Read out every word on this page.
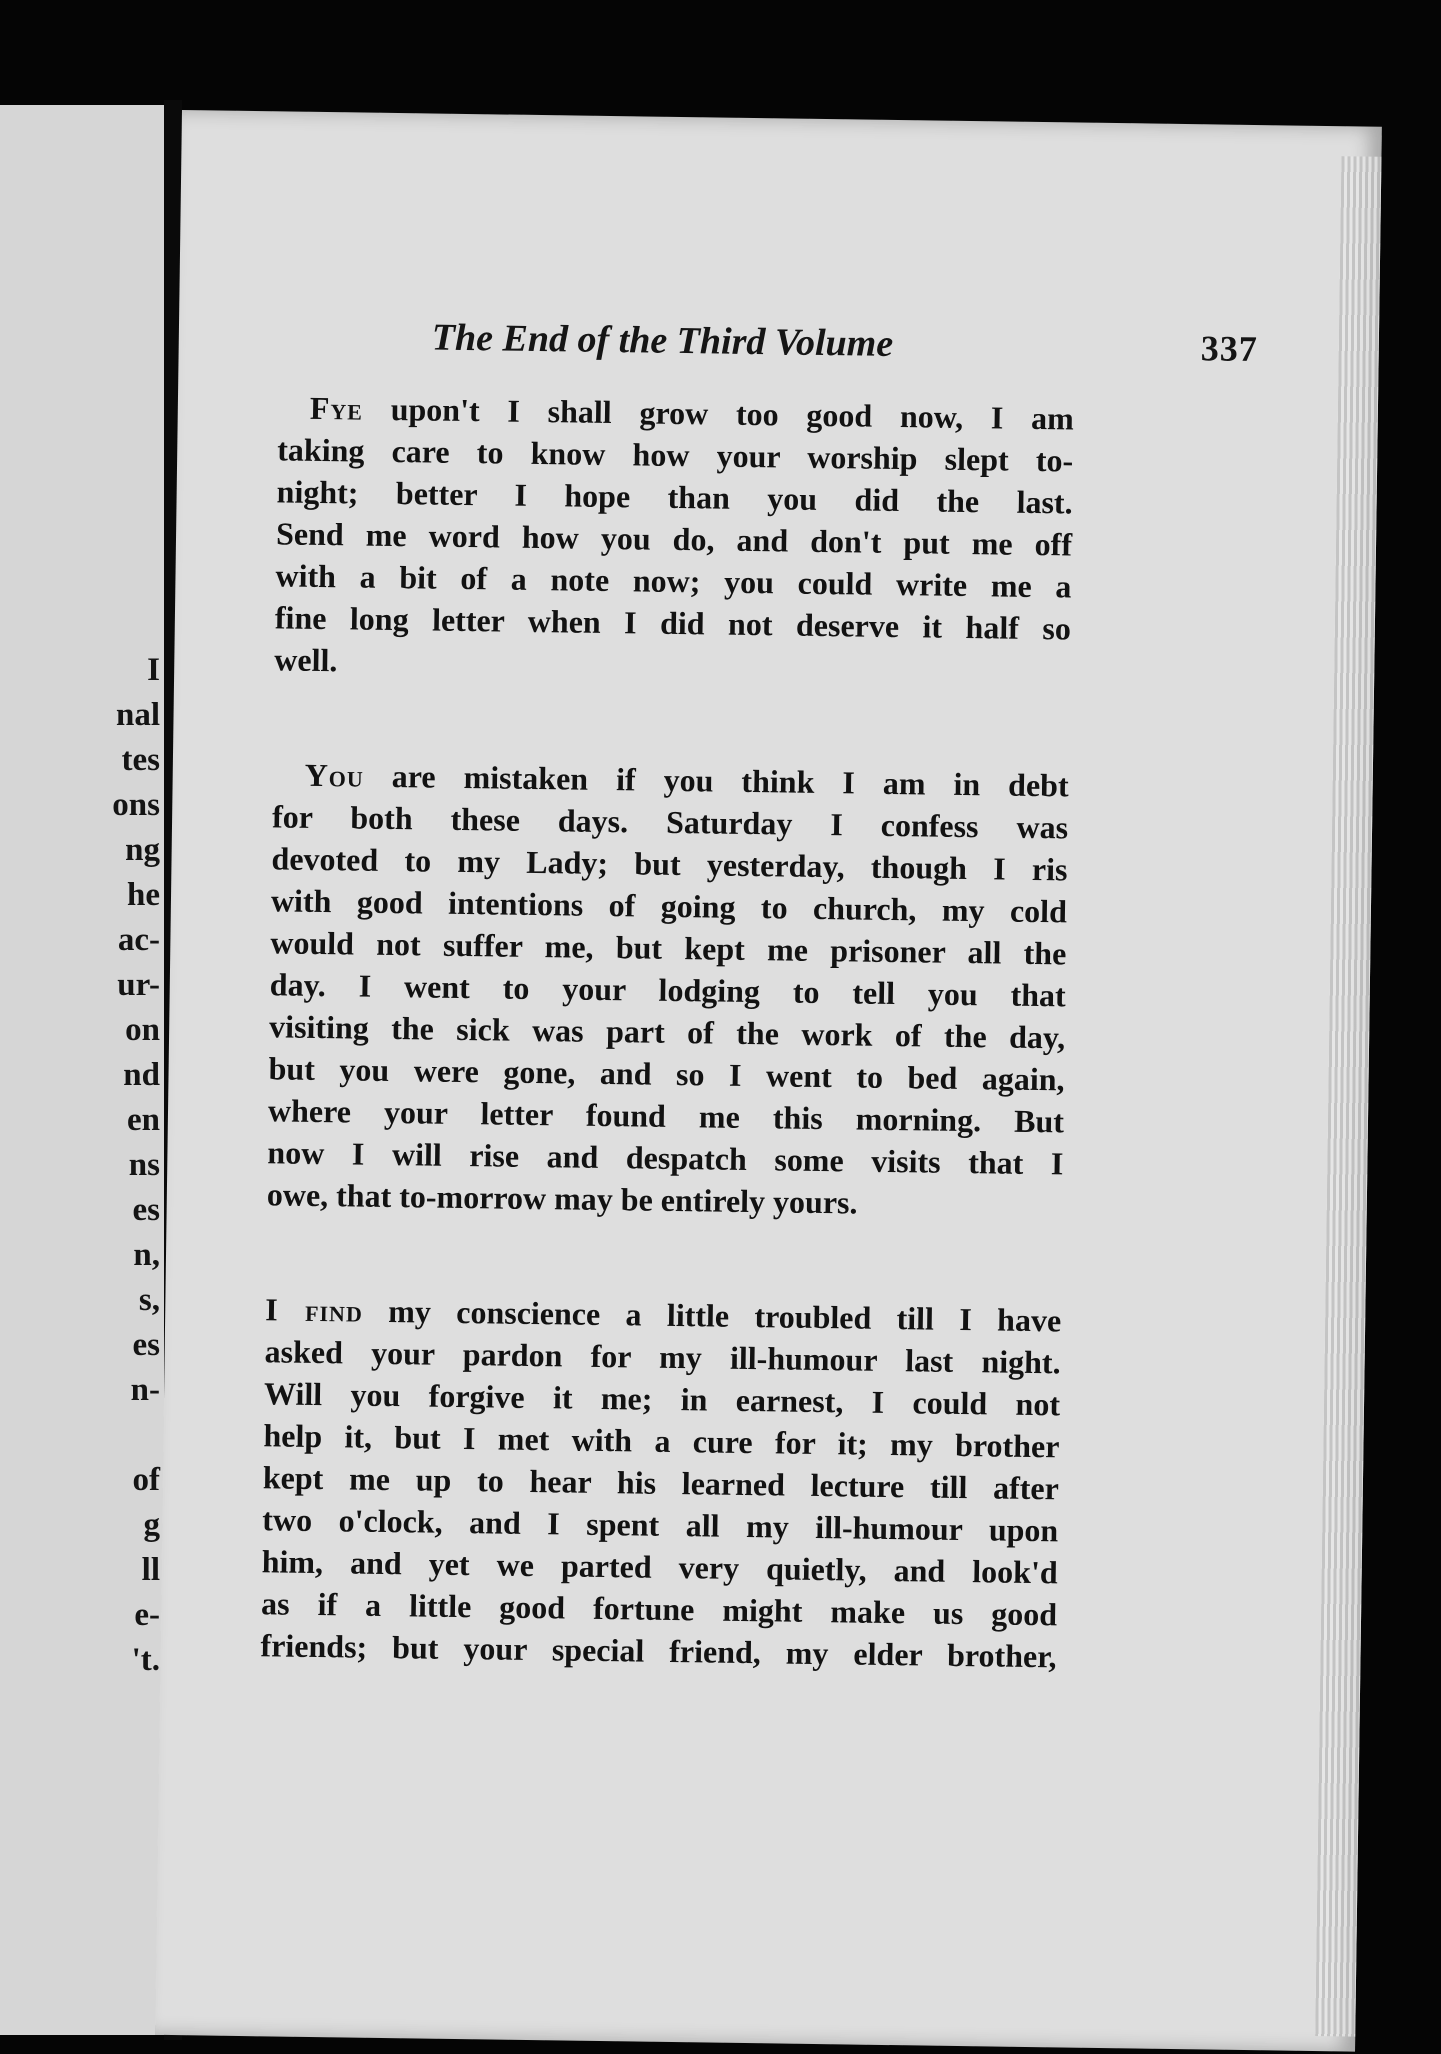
I
nal
tes
ons
ng
he
ac-
ur-
on
nd
en
ns
es
n,
s,
es
n-
of
g
ll
e-
't.
The End of the Third Volume	337
Fye upon't I shall grow too good now, I am
taking care to know how your worship slept to-
night; better I hope than you did the last.
Send me word how you do, and don't put me off
with a bit of a note now; you could write me a
fine long letter when I did not deserve it half so
well.
You are mistaken if you think I am in debt
for both these days. Saturday I confess was
devoted to my Lady; but yesterday, though I ris
with good intentions of going to church, my cold
would not suffer me, but kept me prisoner all the
day. I went to your lodging to tell you that
visiting the sick was part of the work of the day,
but you were gone, and so I went to bed again,
where your letter found me this morning. But
now I will rise and despatch some visits that I
owe, that to-morrow may be entirely yours.
I find my conscience a little troubled till I have
asked your pardon for my ill-humour last night.
Will you forgive it me; in earnest, I could not
help it, but I met with a cure for it; my brother
kept me up to hear his learned lecture till after
two o'clock, and I spent all my ill-humour upon
him, and yet we parted very quietly, and look'd
as if a little good fortune might make us good
friends; but your special friend, my elder brother,
